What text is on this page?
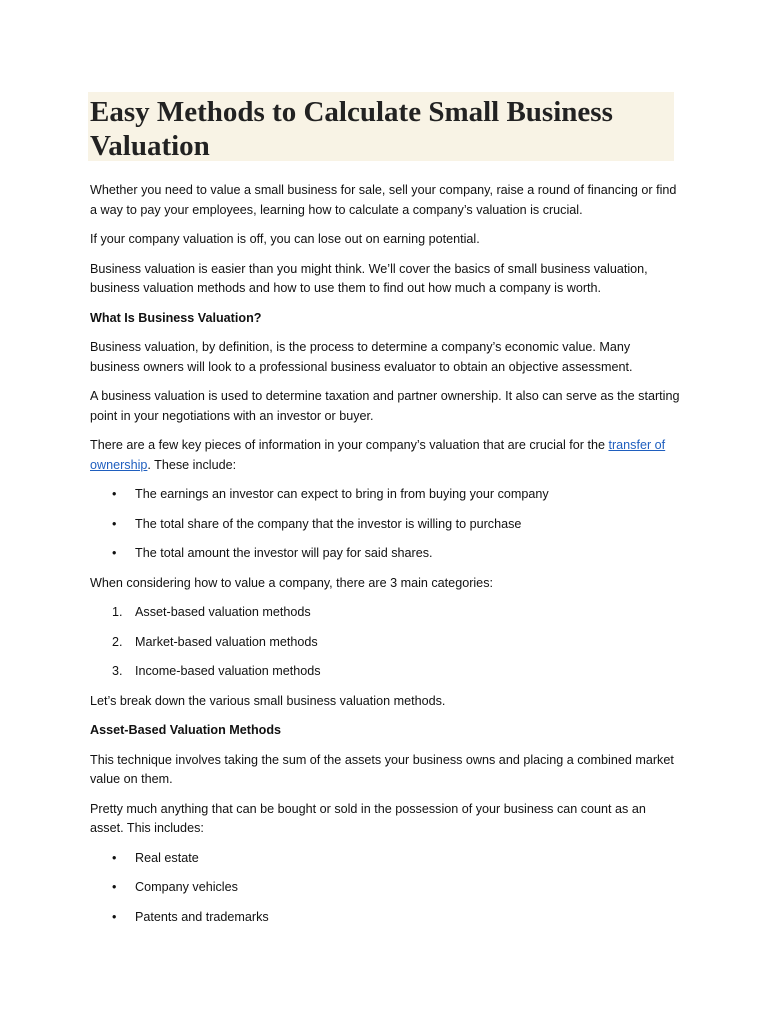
Easy Methods to Calculate Small Business Valuation

Whether you need to value a small business for sale, sell your company, raise a round of financing or find a way to pay your employees, learning how to calculate a company’s valuation is crucial.

If your company valuation is off, you can lose out on earning potential.

Business valuation is easier than you might think. We’ll cover the basics of small business valuation, business valuation methods and how to use them to find out how much a company is worth.

What Is Business Valuation?

Business valuation, by definition, is the process to determine a company’s economic value. Many business owners will look to a professional business evaluator to obtain an objective assessment.

A business valuation is used to determine taxation and partner ownership. It also can serve as the starting point in your negotiations with an investor or buyer.

There are a few key pieces of information in your company’s valuation that are crucial for the transfer of ownership. These include:

• The earnings an investor can expect to bring in from buying your company
• The total share of the company that the investor is willing to purchase
• The total amount the investor will pay for said shares.

When considering how to value a company, there are 3 main categories:

1. Asset-based valuation methods
2. Market-based valuation methods
3. Income-based valuation methods

Let’s break down the various small business valuation methods.

Asset-Based Valuation Methods

This technique involves taking the sum of the assets your business owns and placing a combined market value on them.

Pretty much anything that can be bought or sold in the possession of your business can count as an asset. This includes:

• Real estate
• Company vehicles
• Patents and trademarks
